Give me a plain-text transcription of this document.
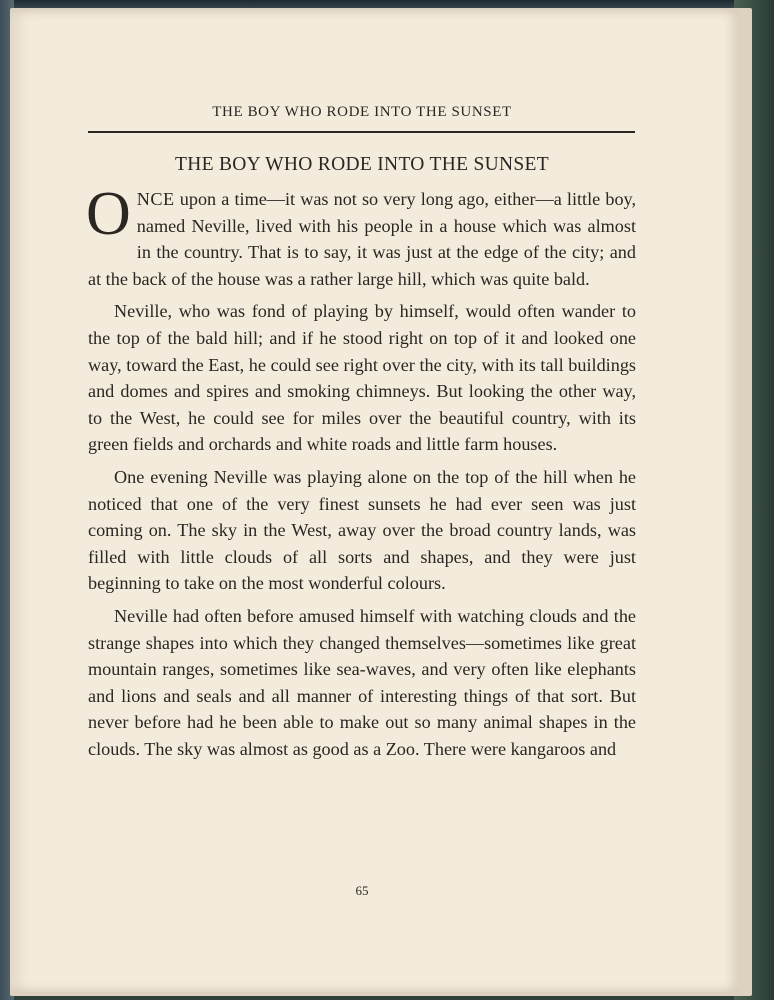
THE BOY WHO RODE INTO THE SUNSET
THE BOY WHO RODE INTO THE SUNSET

ONCE upon a time—it was not so very long ago, either—a little boy, named Neville, lived with his people in a house which was almost in the country. That is to say, it was just at the edge of the city; and at the back of the house was a rather large hill, which was quite bald.

Neville, who was fond of playing by himself, would often wander to the top of the bald hill; and if he stood right on top of it and looked one way, toward the East, he could see right over the city, with its tall buildings and domes and spires and smoking chimneys. But looking the other way, to the West, he could see for miles over the beautiful country, with its green fields and orchards and white roads and little farm houses.

One evening Neville was playing alone on the top of the hill when he noticed that one of the very finest sunsets he had ever seen was just coming on. The sky in the West, away over the broad country lands, was filled with little clouds of all sorts and shapes, and they were just beginning to take on the most wonderful colours.

Neville had often before amused himself with watching clouds and the strange shapes into which they changed themselves—sometimes like great mountain ranges, sometimes like sea-waves, and very often like elephants and lions and seals and all manner of interesting things of that sort. But never before had he been able to make out so many animal shapes in the clouds. The sky was almost as good as a Zoo. There were kangaroos and

65
